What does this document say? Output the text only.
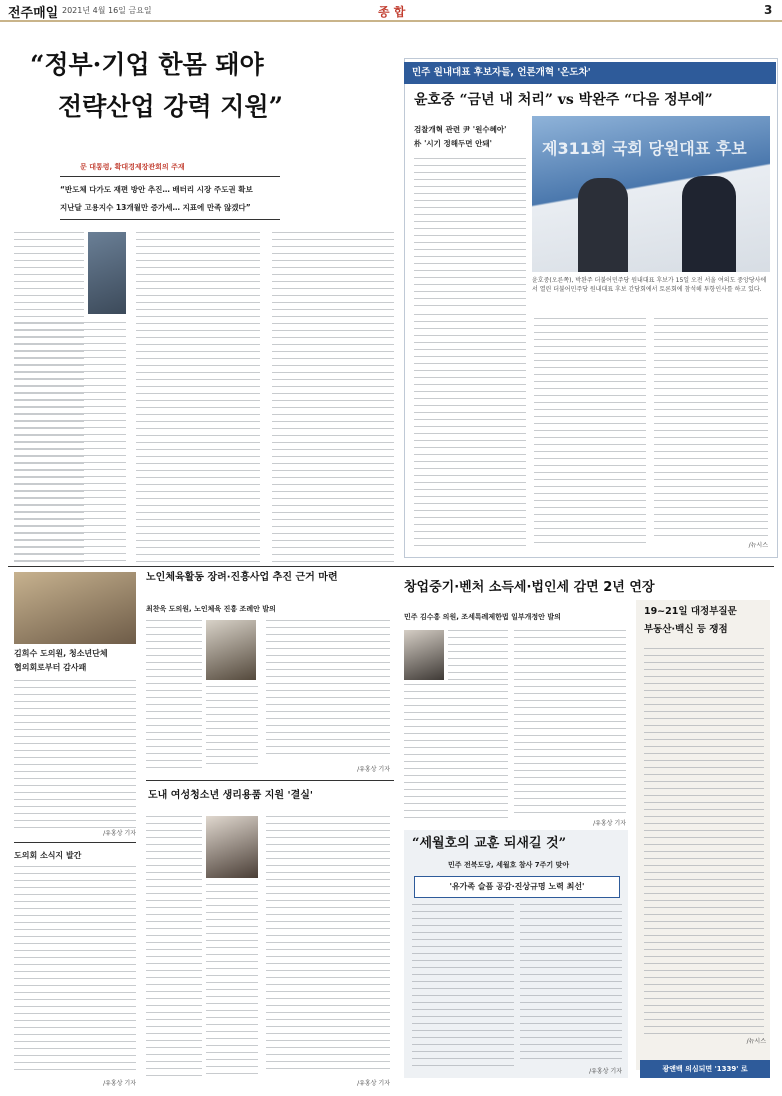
전주매일 2021년 4월 16일 금요일	종 합	3
“정부·기업 한몸 돼야
전략산업 강력 지원”
문 대통령, 확대경제장관회의 주재
“반도체 다가도 재편 방안 추진… 배터리 시장 주도권 확보
지난달 고용지수 13개월만 증가세… 지표에 만족 않겠다”
민주 원내대표 후보자들, 언론개혁 '온도차'
윤호중 “금년 내 처리” vs 박완주 “다음 정부에”
검찰개혁 관련 尹 '원수혜아'
朴 '시기 정해두면 안돼'	제311회 국회 당원대표 후보
윤호중(오른쪽), 박완주 더불어민주당 원내대표 후보가 15일 오전 서울 여의도 중앙당사에서 열린 더불어민주당 원내대표 후보 간담회에서 토론회에 참석해 투항인사를 하고 있다.
/뉴시스
김희수 도의원, 청소년단체
협의회로부터 감사패
/유홍상 기자
도의회 소식지 발간
/유홍상 기자
노인체육활동 장려·진흥사업 추진 근거 마련
최찬욱 도의원, 노인체육 진흥 조례안 발의
/유홍상 기자
도내 여성청소년 생리용품 지원 '결실'
/유홍상 기자
창업중기·벤처 소득세·법인세 감면 2년 연장
민주 김수흥 의원, 조세특례제한법 일부개정안 발의
/유홍상 기자
19~21일 대정부질문
부동산·백신 등 쟁점
/뉴시스
광앤백 의심되면 '1339' 로
“세월호의 교훈 되새길 것”
민주 전북도당, 세월호 참사 7주기 맞아
'유가족 슬픔 공감·진상규명 노력 최선'
/유홍상 기자
